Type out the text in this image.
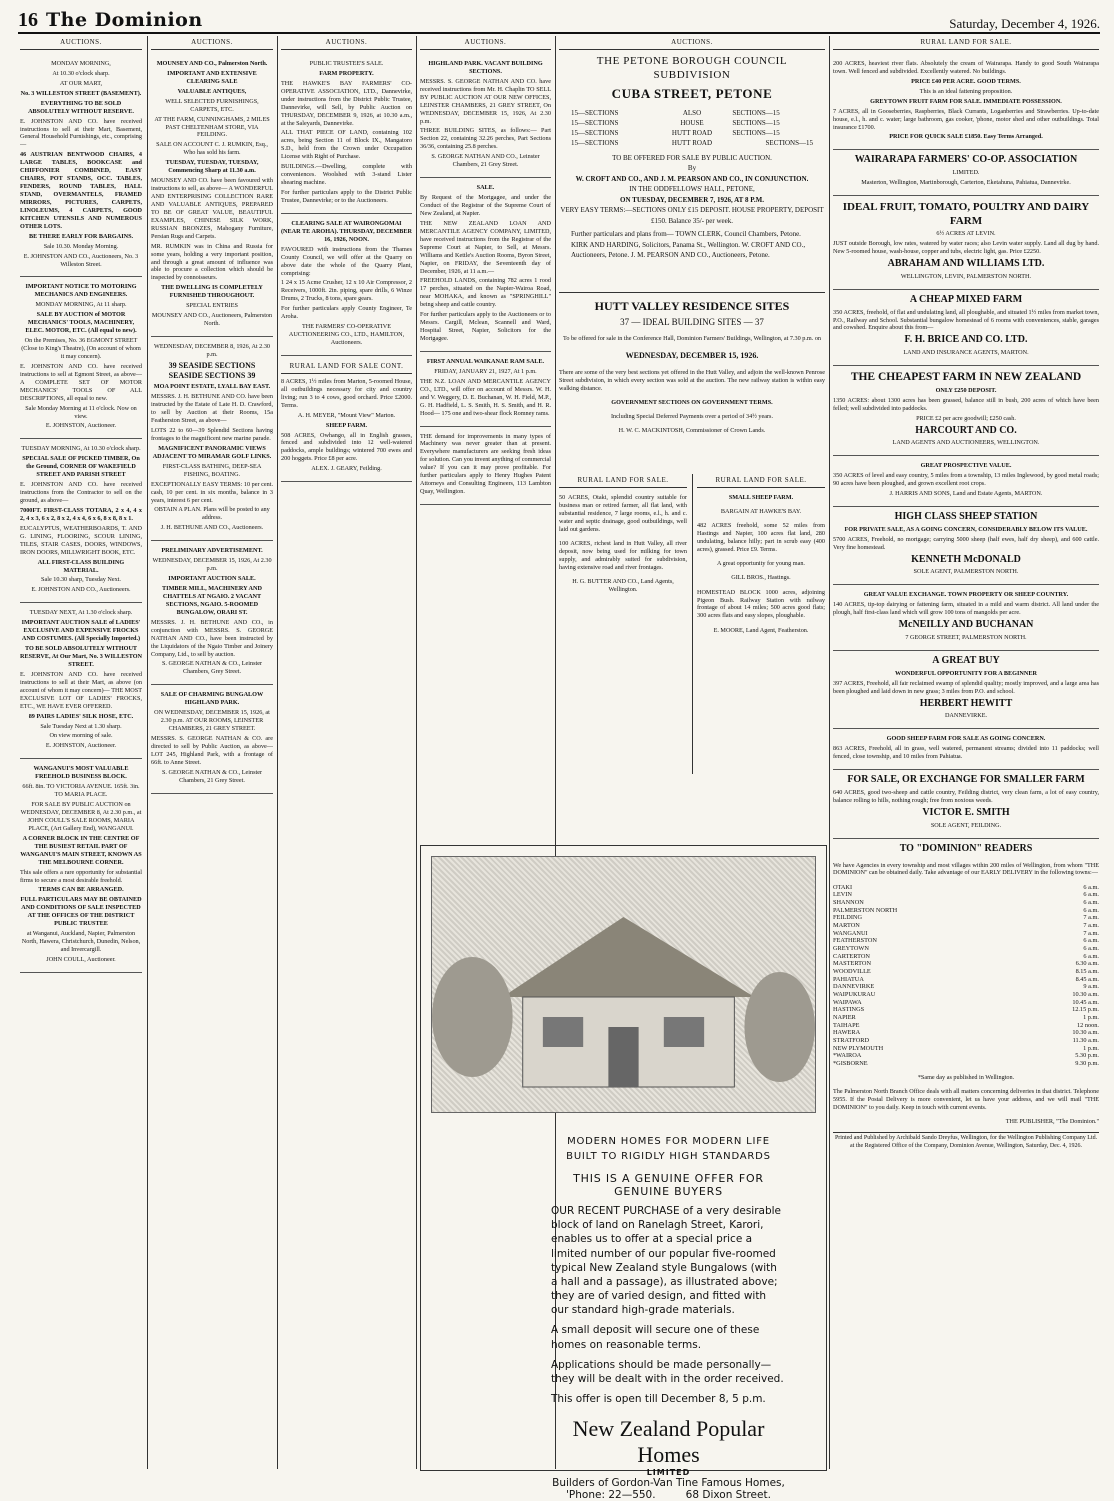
16 The Dominion	Saturday, December 4, 1926.
AUCTIONS.

MONDAY MORNING,

At 10.30 o'clock sharp.

AT OUR MART,

No. 3 WILLESTON STREET (BASEMENT).

EVERYTHING TO BE SOLD ABSOLUTELY WITHOUT RESERVE.

E. JOHNSTON AND CO. have received instructions to sell at their Mart, Basement, General Household Furnishings, etc., comprising—

46 AUSTRIAN BENTWOOD CHAIRS, 4 LARGE TABLES, BOOKCASE and CHIFFONIER COMBINED, EASY CHAIRS, POT STANDS, OCC. TABLES, FENDERS, ROUND TABLES, HALL STAND, OVERMANTELS, FRAMED MIRRORS, PICTURES, CARPETS, LINOLEUMS, 4 CARPETS, GOOD KITCHEN UTENSILS AND NUMEROUS OTHER LOTS.

BE THERE EARLY FOR BARGAINS.

Sale 10.30. Monday Morning.

E. JOHNSTON AND CO., Auctioneers, No. 3 Willeston Street.

IMPORTANT NOTICE TO MOTORING MECHANICS AND ENGINEERS.

MONDAY MORNING, At 11 sharp.

SALE BY AUCTION of MOTOR MECHANICS' TOOLS, MACHINERY, ELEC. MOTOR, ETC. (All equal to new).

On the Premises, No. 36 EGMONT STREET (Close to King's Theatre), (On account of whom it may concern).

E. JOHNSTON AND CO. have received instructions to sell at Egmont Street, as above— A COMPLETE SET OF MOTOR MECHANICS' TOOLS OF ALL DESCRIPTIONS, all equal to new.

Sale Monday Morning at 11 o'clock. Now on view.

E. JOHNSTON, Auctioneer.

TUESDAY MORNING, At 10.30 o'clock sharp.

SPECIAL SALE OF PICKED TIMBER, On the Ground, CORNER OF WAKEFIELD STREET AND PARISH STREET

E. JOHNSTON AND CO. have received instructions from the Contractor to sell on the ground, as above—

7000FT. FIRST-CLASS TOTARA, 2 x 4, 4 x 2, 4 x 3, 6 x 2, 8 x 2, 4 x 4, 6 x 6, 8 x 8, 8 x 1.

EUCALYPTUS, WEATHERBOARDS, T. AND G. LINING, FLOORING, SCOUR LINING, TILES, STAIR CASES, DOORS, WINDOWS, IRON DOORS, MILLWRIGHT BOOK, ETC.

ALL FIRST-CLASS BUILDING MATERIAL.

Sale 10.30 sharp, Tuesday Next.

E. JOHNSTON AND CO., Auctioneers.

TUESDAY NEXT, At 1.30 o'clock sharp.

IMPORTANT AUCTION SALE of LADIES' EXCLUSIVE AND EXPENSIVE FROCKS AND COSTUMES. (All Specially Imported.)

TO BE SOLD ABSOLUTELY WITHOUT RESERVE, At Our Mart, No. 3 WILLESTON STREET.

E. JOHNSTON AND CO. have received instructions to sell at their Mart, as above (on account of whom it may concern)— THE MOST EXCLUSIVE LOT OF LADIES' FROCKS, ETC., WE HAVE EVER OFFERED.

89 PAIRS LADIES' SILK HOSE, ETC.

Sale Tuesday Next at 1.30 sharp.

On view morning of sale.

E. JOHNSTON, Auctioneer.

WANGANUI'S MOST VALUABLE FREEHOLD BUSINESS BLOCK.

66ft. 8in. TO VICTORIA AVENUE. 165ft. 3in. TO MARIA PLACE.

FOR SALE BY PUBLIC AUCTION on WEDNESDAY, DECEMBER 8, At 2.30 p.m., at JOHN COULL'S SALE ROOMS, MARIA PLACE, (Art Gallery End), WANGANUI.

A CORNER BLOCK IN THE CENTRE OF THE BUSIEST RETAIL PART OF WANGANUI'S MAIN STREET, KNOWN AS THE MELBOURNE CORNER.

This sale offers a rare opportunity for substantial firms to secure a most desirable freehold.

TERMS CAN BE ARRANGED.

FULL PARTICULARS MAY BE OBTAINED AND CONDITIONS OF SALE INSPECTED AT THE OFFICES OF THE DISTRICT PUBLIC TRUSTEE

at Wanganui, Auckland, Napier, Palmerston North, Hawera, Christchurch, Dunedin, Nelson, and Invercargill.

JOHN COULL, Auctioneer.

AUCTIONS.

MOUNSEY AND CO., Palmerston North.

IMPORTANT AND EXTENSIVE CLEARING SALE

VALUABLE ANTIQUES,

WELL SELECTED FURNISHINGS, CARPETS, ETC.

AT THE FARM, CUNNINGHAMS, 2 MILES PAST CHELTENHAM STORE, VIA FEILDING.

SALE ON ACCOUNT C. J. RUMKIN, Esq., Who has sold his farm.

TUESDAY, TUESDAY, TUESDAY, Commencing Sharp at 11.30 a.m.

MOUNSEY AND CO. have been favoured with instructions to sell, as above— A WONDERFUL AND ENTERPRISING COLLECTION RARE AND VALUABLE ANTIQUES, PREPARED TO BE OF GREAT VALUE, BEAUTIFUL EXAMPLES, CHINESE SILK WORK, RUSSIAN BRONZES, Mahogany Furniture, Persian Rugs and Carpets.

MR. RUMKIN was in China and Russia for some years, holding a very important position, and through a great amount of influence was able to procure a collection which should be inspected by connoisseurs.

THE DWELLING IS COMPLETELY FURNISHED THROUGHOUT.

SPECIAL ENTRIES

MOUNSEY AND CO., Auctioneers, Palmerston North.

WEDNESDAY, DECEMBER 8, 1926, At 2.30 p.m.

39 SEASIDE SECTIONS SEASIDE SECTIONS 39

MOA POINT ESTATE, LYALL BAY EAST.

MESSRS. J. H. BETHUNE AND CO. have been instructed by the Estate of Late H. D. Crawford, to sell by Auction at their Rooms, 15a Featherston Street, as above—

LOTS 22 to 60—39 Splendid Sections having frontages to the magnificent new marine parade.

MAGNIFICENT PANORAMIC VIEWS ADJACENT TO MIRAMAR GOLF LINKS.

FIRST-CLASS BATHING, DEEP-SEA FISHING, BOATING.

EXCEPTIONALLY EASY TERMS: 10 per cent. cash, 10 per cent. in six months, balance in 3 years, interest 6 per cent.

OBTAIN A PLAN. Plans will be posted to any address.

J. H. BETHUNE AND CO., Auctioneers.

PRELIMINARY ADVERTISEMENT.

WEDNESDAY, DECEMBER 15, 1926, At 2.30 p.m.

IMPORTANT AUCTION SALE.

TIMBER MILL, MACHINERY AND CHATTELS AT NGAIO. 2 VACANT SECTIONS, NGAIO. 5-ROOMED BUNGALOW, ORARI ST.

MESSRS. J. H. BETHUNE AND CO., in conjunction with MESSRS. S. GEORGE NATHAN AND CO., have been instructed by the Liquidators of the Ngaio Timber and Joinery Company, Ltd., to sell by auction.

S. GEORGE NATHAN & CO., Leinster Chambers, Grey Street.

SALE OF CHARMING BUNGALOW HIGHLAND PARK.

ON WEDNESDAY, DECEMBER 15, 1926, at 2.30 p.m. AT OUR ROOMS, LEINSTER CHAMBERS, 21 GREY STREET.

MESSRS. S. GEORGE NATHAN & CO. are directed to sell by Public Auction, as above— LOT 245, Highland Park, with a frontage of 66ft. to Anne Street.

S. GEORGE NATHAN & CO., Leinster Chambers, 21 Grey Street.

AUCTIONS.

PUBLIC TRUSTEE'S SALE.

FARM PROPERTY.

THE HAWKE'S BAY FARMERS' CO-OPERATIVE ASSOCIATION, LTD., Dannevirke, under instructions from the District Public Trustee, Dannevirke, will Sell, by Public Auction on THURSDAY, DECEMBER 9, 1926, at 10.30 a.m., at the Saleyards, Dannevirke.

ALL THAT PIECE OF LAND, containing 102 acres, being Section 11 of Block IX., Mangatoro S.D., held from the Crown under Occupation License with Right of Purchase.

BUILDINGS.—Dwelling, complete with conveniences. Woolshed with 3-stand Lister shearing machine.

For further particulars apply to the District Public Trustee, Dannevirke; or to the Auctioneers.

CLEARING SALE AT WAIRONGOMAI (NEAR TE AROHA). THURSDAY, DECEMBER 16, 1926, NOON.

FAVOURED with instructions from the Thames County Council, we will offer at the Quarry on above date the whole of the Quarry Plant, comprising:

1 24 x 15 Acme Crusher, 12 x 10 Air Compressor, 2 Receivers, 1000ft. 2in. piping, spare drills, 6 Winze Drums, 2 Trucks, 8 tons, spare gears.

For further particulars apply County Engineer, Te Aroha.

THE FARMERS' CO-OPERATIVE AUCTIONEERING CO., LTD., HAMILTON, Auctioneers.

RURAL LAND FOR SALE CONT.

8 ACRES, 1½ miles from Marton, 5-roomed House, all outbuildings necessary for city and country living; run 3 to 4 cows, good orchard. Price £2000. Terms.

A. H. MEYER, "Mount View" Marton.

SHEEP FARM.

508 ACRES, Owhango, all in English grasses, fenced and subdivided into 12 well-watered paddocks, ample buildings; wintered 700 ewes and 200 hoggets. Price £8 per acre.

ALEX. J. GEARY, Feilding.

AUCTIONS.

HIGHLAND PARK. VACANT BUILDING SECTIONS.

MESSRS. S. GEORGE NATHAN AND CO. have received instructions from Mr. H. Chaplin TO SELL BY PUBLIC AUCTION AT OUR NEW OFFICES, LEINSTER CHAMBERS, 21 GREY STREET, On WEDNESDAY, DECEMBER 15, 1926, At 2.30 p.m.

THREE BUILDING SITES, as follows:— Part Section 22, containing 32.26 perches, Part Sections 36/36, containing 25.8 perches.

S. GEORGE NATHAN AND CO., Leinster Chambers, 21 Grey Street.

SALE.

By Request of the Mortgagee, and under the Conduct of the Registrar of the Supreme Court of New Zealand, at Napier.

THE NEW ZEALAND LOAN AND MERCANTILE AGENCY COMPANY, LIMITED, have received instructions from the Registrar of the Supreme Court at Napier, to Sell, at Messrs. Williams and Kettle's Auction Rooms, Byron Street, Napier, on FRIDAY, the Seventeenth day of December, 1926, at 11 a.m.—

FREEHOLD LANDS, containing 782 acres 1 rood 17 perches, situated on the Napier-Wairoa Road, near MOHAKA, and known as "SPRINGHILL" being sheep and cattle country.

For further particulars apply to the Auctioneers or to Messrs. Cargill, Mclean, Scannell and Ward, Hospital Street, Napier, Solicitors for the Mortgagee.

FIRST ANNUAL WAIKANAE RAM SALE.

FRIDAY, JANUARY 21, 1927, At 1 p.m.

THE N.Z. LOAN AND MERCANTILE AGENCY CO., LTD., will offer on account of Messrs. W. H. and V. Weggery, D. E. Buchanan, W. H. Field, M.P., G. H. Hadfield, L. S. Smith, H. S. Smith, and H. R. Hood— 175 one and two-shear flock Romney rams.

THE demand for improvements in many types of Machinery was never greater than at present. Everywhere manufacturers are seeking fresh ideas for solution. Can you invent anything of commercial value? If you can it may prove profitable. For further particulars apply to Henry Hughes Patent Attorneys and Consulting Engineers, 113 Lambton Quay, Wellington.

AUCTIONS.
THE PETONE BOROUGH COUNCIL SUBDIVISION
CUBA STREET, PETONE
15—SECTIONS	ALSO	SECTIONS—15
15—SECTIONS	HOUSE	SECTIONS—15
15—SECTIONS	HUTT ROAD	SECTIONS—15
15—SECTIONS	HUTT ROAD	SECTIONS—15
TO BE OFFERED FOR SALE BY PUBLIC AUCTION.
By
W. CROFT AND CO., AND J. M. PEARSON AND CO., IN CONJUNCTION.
IN THE ODDFELLOWS' HALL, PETONE,
ON TUESDAY, DECEMBER 7, 1926, AT 8 P.M.
VERY EASY TERMS:—SECTIONS ONLY £15 DEPOSIT. HOUSE PROPERTY, DEPOSIT £150. Balance 35/- per week.
Further particulars and plans from— TOWN CLERK, Council Chambers, Petone. KIRK AND HARDING, Solicitors, Panama St., Wellington. W. CROFT AND CO., Auctioneers, Petone. J. M. PEARSON AND CO., Auctioneers, Petone.
HUTT VALLEY RESIDENCE SITES
37 — IDEAL BUILDING SITES — 37

To be offered for sale in the Conference Hall, Dominion Farmers' Buildings, Wellington, at 7.30 p.m. on

WEDNESDAY, DECEMBER 15, 1926.

There are some of the very best sections yet offered in the Hutt Valley, and adjoin the well-known Penrose Street subdivision, in which every section was sold at the auction. The new railway station is within easy walking distance.

GOVERNMENT SECTIONS ON GOVERNMENT TERMS.

Including Special Deferred Payments over a period of 34½ years.

H. W. C. MACKINTOSH, Commissioner of Crown Lands.

RURAL LAND FOR SALE.

50 ACRES, Otaki, splendid country suitable for business man or retired farmer, all flat land, with substantial residence, 7 large rooms, e.l., h. and c. water and septic drainage, good outbuildings, well laid out gardens.

100 ACRES, richest land in Hutt Valley, all river deposit, now being used for milking for town supply, and admirably suited for subdivision, having extensive road and river frontages.

H. G. BUTTER AND CO., Land Agents, Wellington.

RURAL LAND FOR SALE.

SMALL SHEEP FARM.

BARGAIN AT HAWKE'S BAY.

482 ACRES freehold, some 52 miles from Hastings and Napier, 100 acres flat land, 280 undulating, balance hilly; part in scrub easy (400 acres), grassed. Price £9. Terms.

A great opportunity for young man.

GILL BROS., Hastings.

HOMESTEAD BLOCK 1000 acres, adjoining Pigeon Bush. Railway Station with railway frontage of about 14 miles; 500 acres good flats; 300 acres flats and easy slopes, ploughable.

E. MOORE, Land Agent, Featherston.

MODERN HOMES FOR MODERN LIFE
BUILT TO RIGIDLY HIGH STANDARDS
THIS IS A GENUINE OFFER FOR GENUINE BUYERS

OUR RECENT PURCHASE of a very desirable block of land on Ranelagh Street, Karori, enables us to offer at a special price a limited number of our popular five-roomed typical New Zealand style Bungalows (with a hall and a passage), as illustrated above; they are of varied design, and fitted with our standard high-grade materials.

A small deposit will secure one of these homes on reasonable terms.

Applications should be made personally—they will be dealt with in the order received.

This offer is open till December 8, 5 p.m.

New Zealand Popular Homes
LIMITED
Builders of Gordon-Van Tine Famous Homes,
'Phone: 22—550.	68 Dixon Street.
RURAL LAND FOR SALE.

200 ACRES, heaviest river flats. Absolutely the cream of Wairarapa. Handy to good South Wairarapa town. Well fenced and subdivided. Excellently watered. No buildings.

PRICE £40 PER ACRE. GOOD TERMS.

This is an ideal fattening proposition.

GREYTOWN FRUIT FARM FOR SALE. IMMEDIATE POSSESSION.

7 ACRES, all in Gooseberries, Raspberries, Black Currants, Loganberries and Strawberries. Up-to-date house, e.l., h. and c. water; large bathroom, gas cooker, 'phone, motor shed and other outbuildings. Total insurance £1700.

PRICE FOR QUICK SALE £1850. Easy Terms Arranged.

WAIRARAPA FARMERS' CO-OP. ASSOCIATION

LIMITED.

Masterton, Wellington, Martinborough, Carterton, Eketahuna, Pahiatua, Dannevirke.

IDEAL FRUIT, TOMATO, POULTRY AND DAIRY FARM

6½ ACRES AT LEVIN.

JUST outside Borough, low rates, watered by water races; also Levin water supply. Land all dug by hand. New 5-roomed house, wash-house, copper and tubs, electric light, gas. Price £2250.

ABRAHAM AND WILLIAMS LTD.

WELLINGTON, LEVIN, PALMERSTON NORTH.

A CHEAP MIXED FARM

350 ACRES, freehold, of flat and undulating land, all ploughable, and situated 1½ miles from market town, P.O., Railway and School. Substantial bungalow homestead of 6 rooms with conveniences, stable, garages and cowshed. Enquire about this from—

F. H. BRICE AND CO. LTD.

LAND AND INSURANCE AGENTS, MARTON.

THE CHEAPEST FARM IN NEW ZEALAND

ONLY £250 DEPOSIT.

1350 ACRES: about 1300 acres has been grassed, balance still in bush, 200 acres of which have been felled; well subdivided into paddocks.

PRICE £2 per acre goodwill; £250 cash.

HARCOURT AND CO.

LAND AGENTS AND AUCTIONEERS, WELLINGTON.

GREAT PROSPECTIVE VALUE.

350 ACRES of level and easy country, 5 miles from a township, 13 miles Inglewood, by good metal roads; 90 acres have been ploughed, and grown excellent root crops.

J. HARRIS AND SONS, Land and Estate Agents, MARTON.

HIGH CLASS SHEEP STATION

FOR PRIVATE SALE, AS A GOING CONCERN, CONSIDERABLY BELOW ITS VALUE.

5700 ACRES, Freehold, no mortgage; carrying 5000 sheep (half ewes, half dry sheep), and 600 cattle. Very fine homestead.

KENNETH McDONALD

SOLE AGENT, PALMERSTON NORTH.

GREAT VALUE EXCHANGE. TOWN PROPERTY OR SHEEP COUNTRY.

140 ACRES, tip-top dairying or fattening farm, situated in a mild and warm district. All land under the plough, half first-class land which will grow 100 tons of mangolds per acre.

McNEILLY AND BUCHANAN

7 GEORGE STREET, PALMERSTON NORTH.

A GREAT BUY

WONDERFUL OPPORTUNITY FOR A BEGINNER

397 ACRES, Freehold, all fair reclaimed swamp of splendid quality; mostly improved, and a large area has been ploughed and laid down in new grass; 3 miles from P.O. and school.

HERBERT HEWITT

DANNEVIRKE.

GOOD SHEEP FARM FOR SALE AS GOING CONCERN.

863 ACRES, Freehold, all in grass, well watered, permanent streams; divided into 11 paddocks; well fenced, close township, and 10 miles from Pahiatua.

FOR SALE, OR EXCHANGE FOR SMALLER FARM

640 ACRES, good two-sheep and cattle country, Feilding district, very clean farm, a lot of easy country, balance rolling to hills, nothing rough; free from noxious weeds.

VICTOR E. SMITH

SOLE AGENT, FEILDING.

TO "DOMINION" READERS

We have Agencies in every township and most villages within 200 miles of Wellington, from whom "THE DOMINION" can be obtained daily. Take advantage of our EARLY DELIVERY in the following towns:—

OTAKI	6 a.m.
LEVIN	6 a.m.
SHANNON	6 a.m.
PALMERSTON NORTH	6 a.m.
FEILDING	7 a.m.
MARTON	7 a.m.
WANGANUI	7 a.m.
FEATHERSTON	6 a.m.
GREYTOWN	6 a.m.
CARTERTON	6 a.m.
MASTERTON	6.30 a.m.
WOODVILLE	8.15 a.m.
PAHIATUA	8.45 a.m.
DANNEVIRKE	9 a.m.
WAIPUKURAU	10.30 a.m.
WAIPAWA	10.45 a.m.
HASTINGS	12.15 p.m.
NAPIER	1 p.m.
TAIHAPE	12 noon.
HAWERA	10.30 a.m.
STRATFORD	11.30 a.m.
NEW PLYMOUTH	1 p.m.
*WAIROA	5.30 p.m.
*GISBORNE	9.30 p.m.

*Same day as published in Wellington.

The Palmerston North Branch Office deals with all matters concerning deliveries in that district. Telephone 5955. If the Postal Delivery is more convenient, let us have your address, and we will mail "THE DOMINION" to you daily. Keep in touch with current events.

THE PUBLISHER, "The Dominion."

Printed and Published by Archibald Sando Dreyfus, Wellington, for the Wellington Publishing Company Ltd. at the Registered Office of the Company, Dominion Avenue, Wellington, Saturday, Dec. 4, 1926.
